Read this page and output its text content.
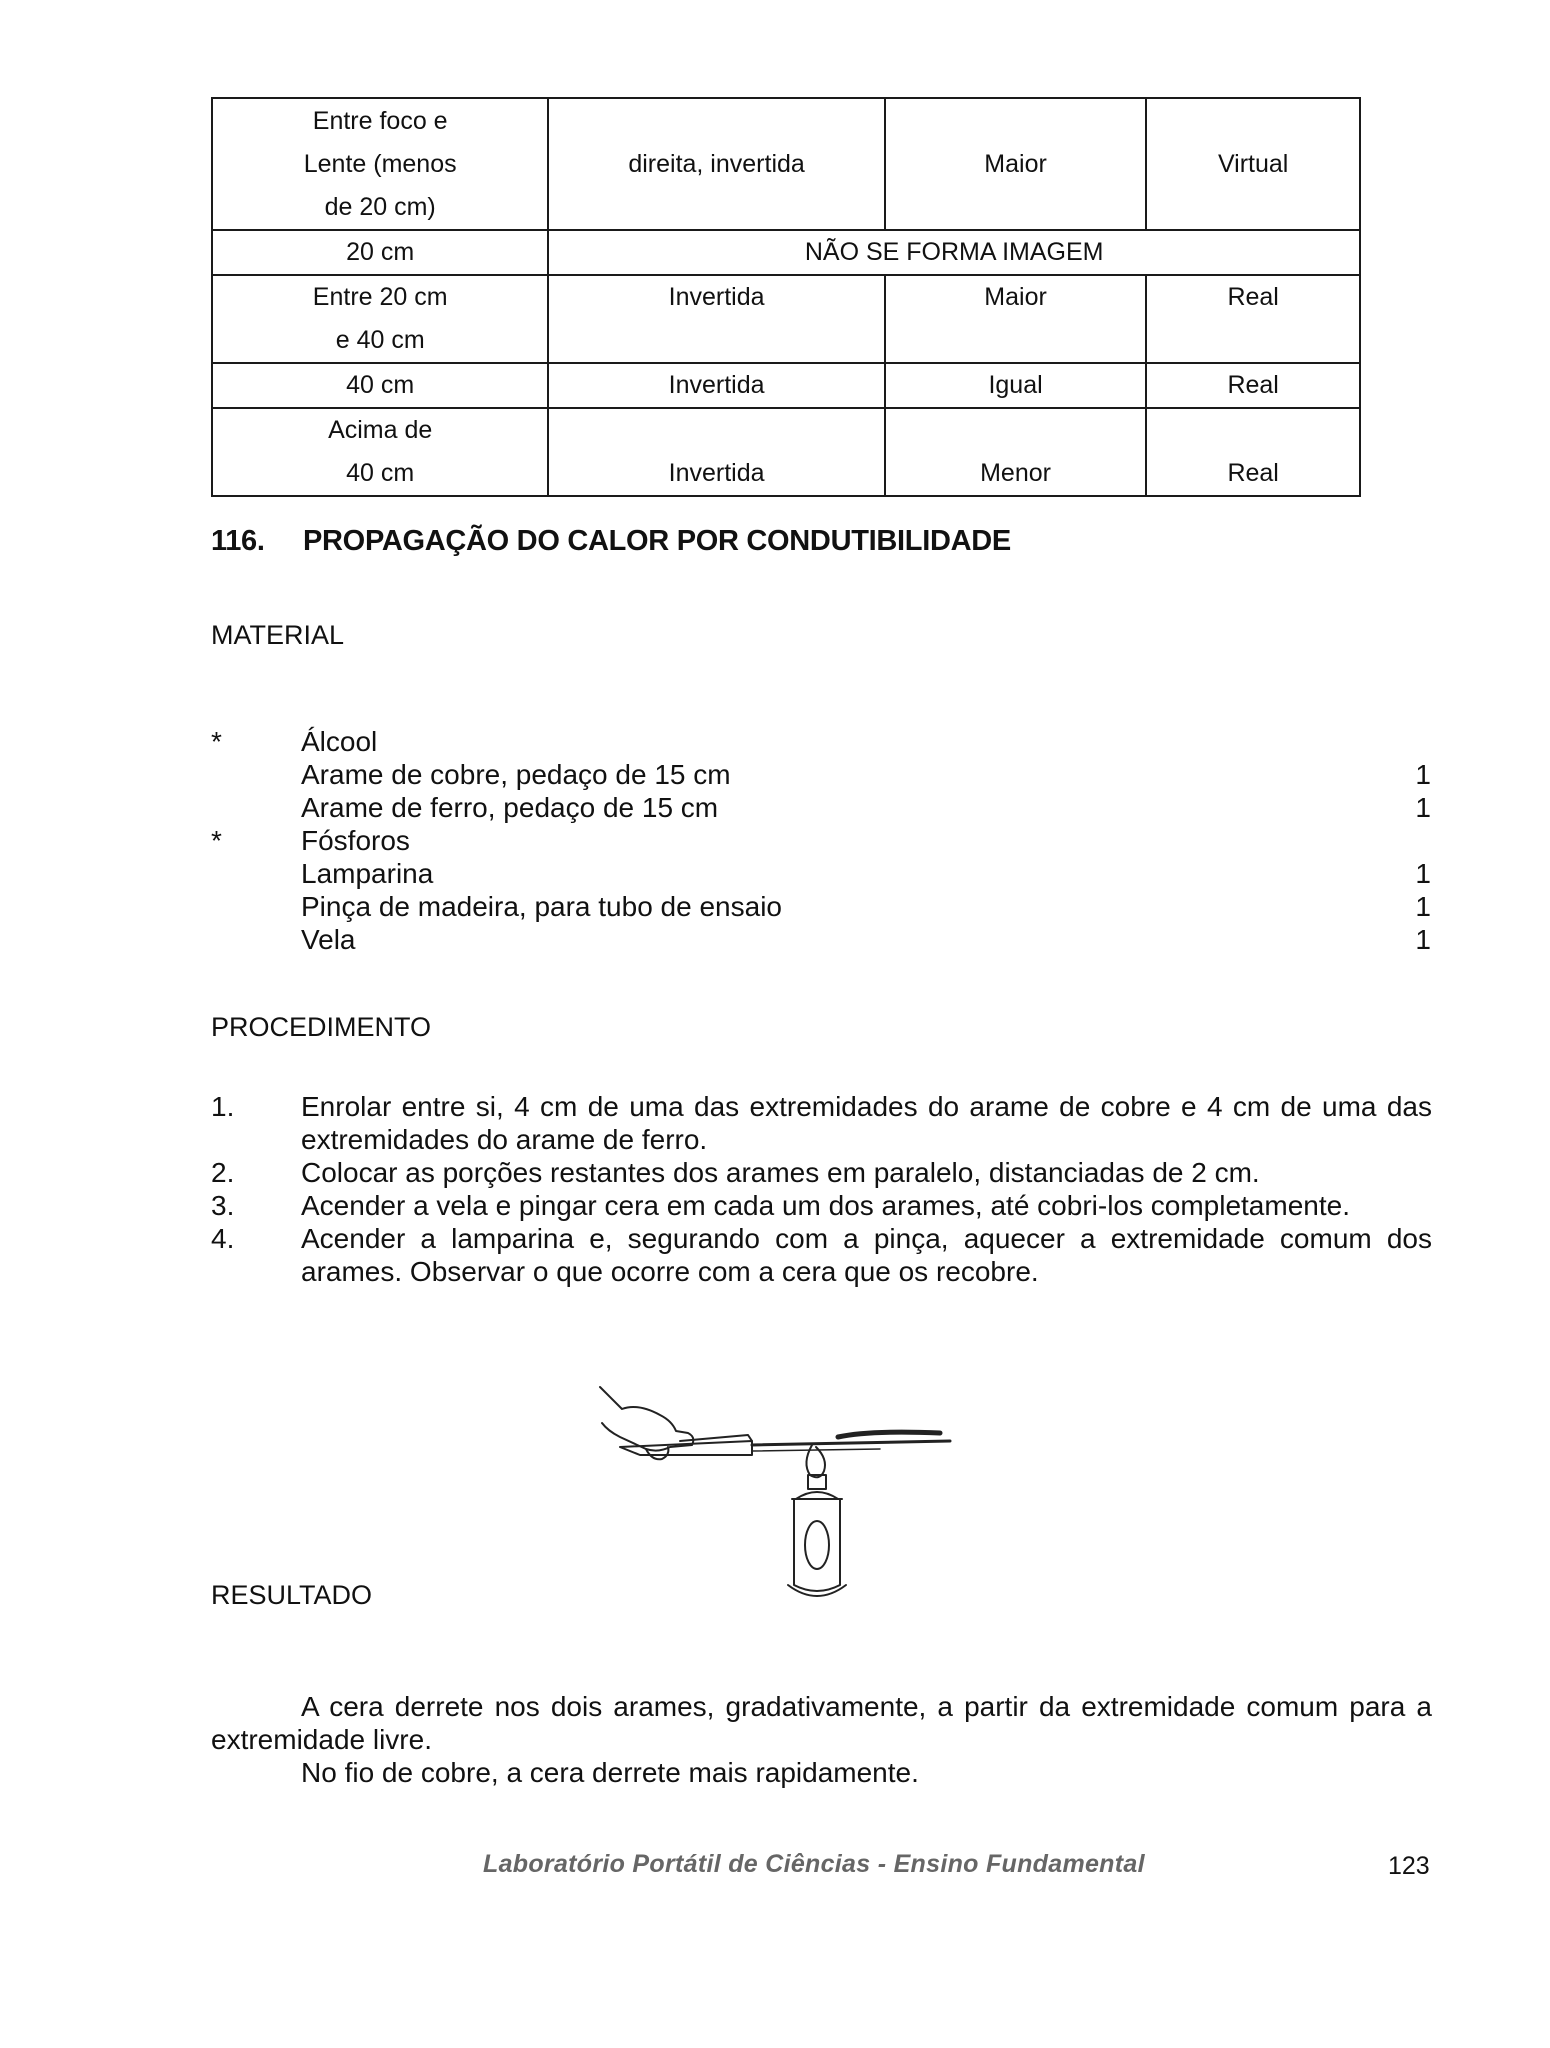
Entre foco e
Lente (menos
de 20 cm)	direita, invertida	Maior	Virtual
20 cm	NÃO SE FORMA IMAGEM		

Entre 20 cm
e 40 cm	Invertida	Maior	Real
40 cm	Invertida	Igual	Real

Acima de
40 cm	Invertida	Menor	Real
116. PROPAGAÇÃO DO CALOR POR CONDUTIBILIDADE
MATERIAL
*	Álcool
Arame de cobre, pedaço de 15 cm	1
Arame de ferro, pedaço de 15 cm	1
*	Fósforos
Lamparina	1
Pinça de madeira, para tubo de ensaio	1
Vela	1
PROCEDIMENTO
1. Enrolar entre si, 4 cm de uma das extremidades do arame de cobre e 4 cm de uma das extremidades do arame de ferro.
2. Colocar as porções restantes dos arames em paralelo, distanciadas de 2 cm.
3. Acender a vela e pingar cera em cada um dos arames, até cobri-los completamente.
4. Acender a lamparina e, segurando com a pinça, aquecer a extremidade comum dos arames. Observar o que ocorre com a cera que os recobre.
RESULTADO

A cera derrete nos dois arames, gradativamente, a partir da extremidade comum para a extremidade livre.

No fio de cobre, a cera derrete mais rapidamente.

Laboratório Portátil de Ciências - Ensino Fundamental	123
